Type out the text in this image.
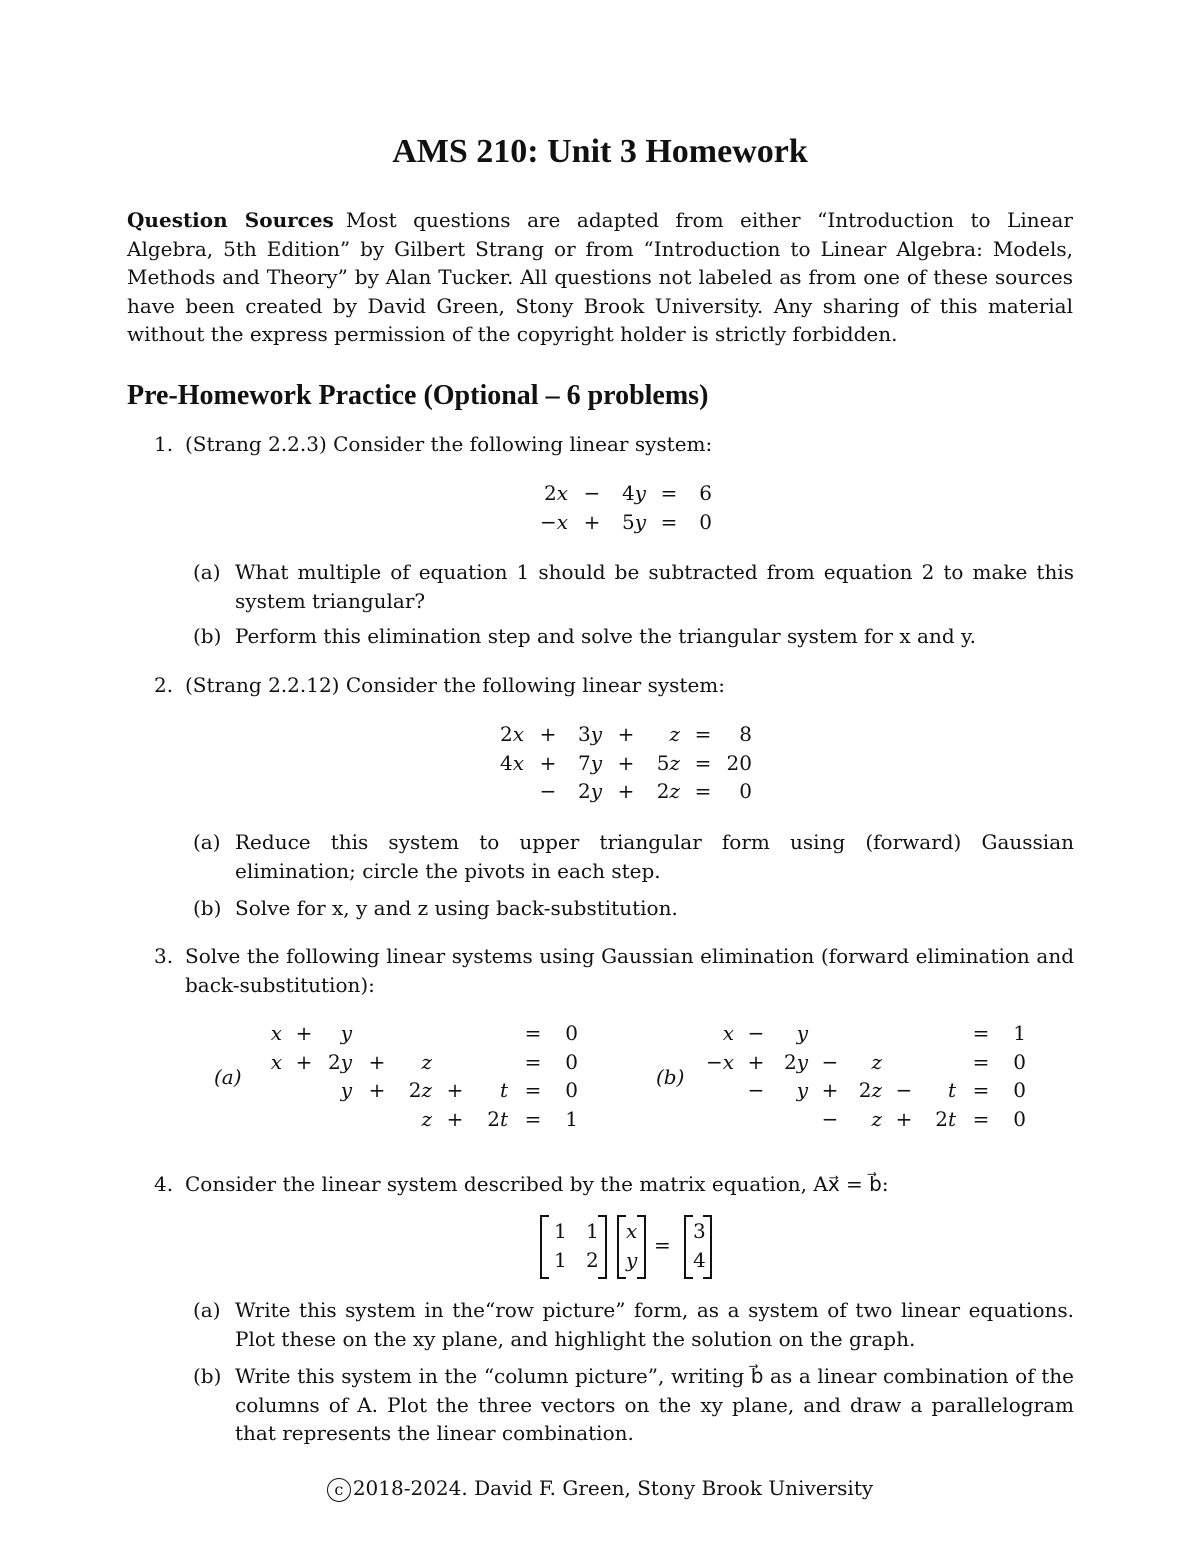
AMS 210: Unit 3 Homework
Question Sources Most questions are adapted from either “Introduction to Linear Algebra, 5th Edition” by Gilbert Strang or from “Introduction to Linear Algebra: Models, Methods and Theory” by Alan Tucker. All questions not labeled as from one of these sources have been created by David Green, Stony Brook University. Any sharing of this material without the express permission of the copyright holder is strictly forbidden.
Pre-Homework Practice (Optional – 6 problems)
1. (Strang 2.2.3) Consider the following linear system:
2x	−	4y	=	6
−x	+	5y	=	0
(a) What multiple of equation 1 should be subtracted from equation 2 to make this system triangular?
(b) Perform this elimination step and solve the triangular system for x and y.
2. (Strang 2.2.12) Consider the following linear system:
2x	+	3y	+	z	=	8
4x	+	7y	+	5z	=	20
	−	2y	+	2z	=	0
(a) Reduce this system to upper triangular form using (forward) Gaussian elimination; circle the pivots in each step.
(b) Solve for x, y and z using back-substitution.
3. Solve the following linear systems using Gaussian elimination (forward elimination and back-substitution):
(a)
x	+	y					=	0
x	+	2y	+	z			=	0
		y	+	2z	+	t	=	0
				z	+	2t	=	1
(b)
x	−	y					=	1
−x	+	2y	−	z			=	0
	−	y	+	2z	−	t	=	0
			−	z	+	2t	=	0
4. Consider the linear system described by the matrix equation, Ax⃗ = b⃗:
1 1
1 2
x
y
=
3
4
(a) Write this system in the“row picture” form, as a system of two linear equations. Plot these on the xy plane, and highlight the solution on the graph.
(b) Write this system in the “column picture”, writing b⃗ as a linear combination of the columns of A. Plot the three vectors on the xy plane, and draw a parallelogram that represents the linear combination.
c 2018-2024. David F. Green, Stony Brook University
